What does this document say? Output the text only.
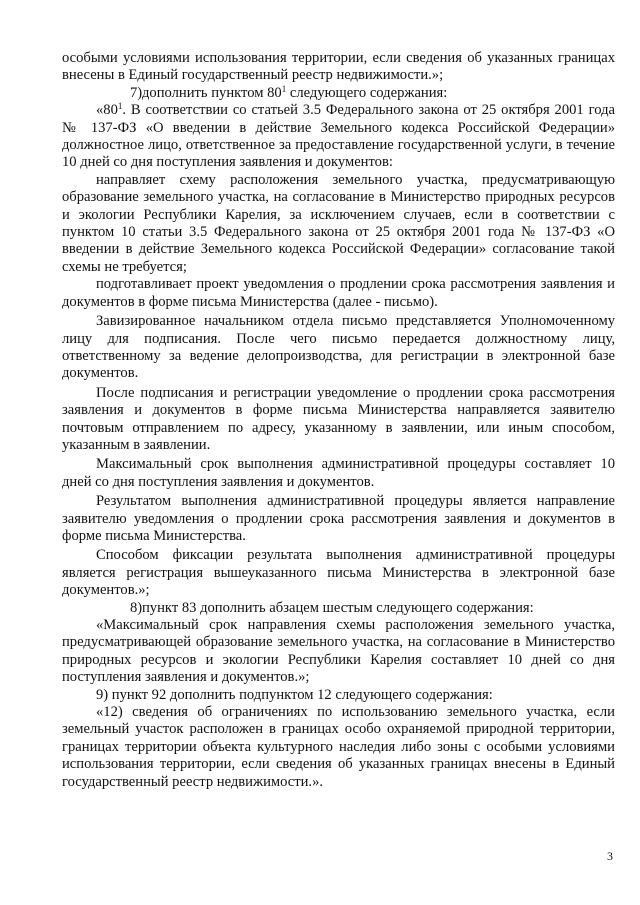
особыми условиями использования территории, если сведения об указанных границах внесены в Единый государственный реестр недвижимости.»;

7)дополнить пунктом $80^1$ следующего содержания:

«$80^1$. В соответствии со статьей 3.5 Федерального закона от 25 октября 2001 года № 137-ФЗ «О введении в действие Земельного кодекса Российской Федерации» должностное лицо, ответственное за предоставление государственной услуги, в течение 10 дней со дня поступления заявления и документов:

направляет схему расположения земельного участка, предусматривающую образование земельного участка, на согласование в Министерство природных ресурсов и экологии Республики Карелия, за исключением случаев, если в соответствии с пунктом 10 статьи 3.5 Федерального закона от 25 октября 2001 года № 137-ФЗ «О введении в действие Земельного кодекса Российской Федерации» согласование такой схемы не требуется;

подготавливает проект уведомления о продлении срока рассмотрения заявления и документов в форме письма Министерства (далее - письмо).

Завизированное начальником отдела письмо представляется Уполномоченному лицу для подписания. После чего письмо передается должностному лицу, ответственному за ведение делопроизводства, для регистрации в электронной базе документов.

После подписания и регистрации уведомление о продлении срока рассмотрения заявления и документов в форме письма Министерства направляется заявителю почтовым отправлением по адресу, указанному в заявлении, или иным способом, указанным в заявлении.

Максимальный срок выполнения административной процедуры составляет 10 дней со дня поступления заявления и документов.

Результатом выполнения административной процедуры является направление заявителю уведомления о продлении срока рассмотрения заявления и документов в форме письма Министерства.

Способом фиксации результата выполнения административной процедуры является регистрация вышеуказанного письма Министерства в электронной базе документов.»;

8)пункт 83 дополнить абзацем шестым следующего содержания:

«Максимальный срок направления схемы расположения земельного участка, предусматривающей образование земельного участка, на согласование в Министерство природных ресурсов и экологии Республики Карелия составляет 10 дней со дня поступления заявления и документов.»;

9) пункт 92 дополнить подпунктом 12 следующего содержания:

«12) сведения об ограничениях по использованию земельного участка, если земельный участок расположен в границах особо охраняемой природной территории, границах территории объекта культурного наследия либо зоны с особыми условиями использования территории, если сведения об указанных границах внесены в Единый государственный реестр недвижимости.».

3
